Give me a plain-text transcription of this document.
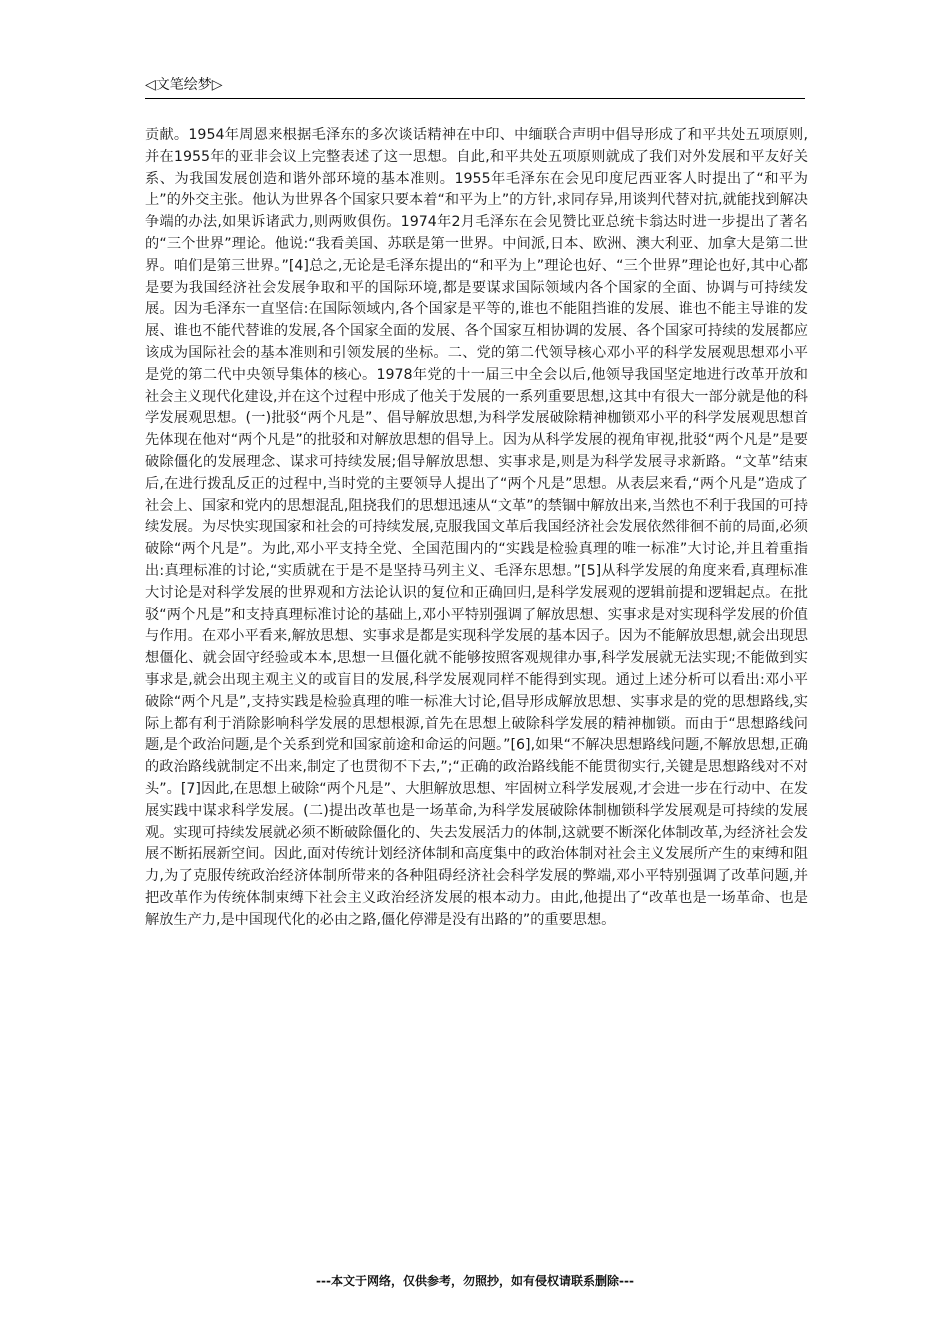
◁文笔绘梦▷

贡献。1954年周恩来根据毛泽东的多次谈话精神在中印、中缅联合声明中倡导形成了和平共处五项原则,并在1955年的亚非会议上完整表述了这一思想。自此,和平共处五项原则就成了我们对外发展和平友好关系、为我国发展创造和谐外部环境的基本准则。1955年毛泽东在会见印度尼西亚客人时提出了“和平为上”的外交主张。他认为世界各个国家只要本着“和平为上”的方针,求同存异,用谈判代替对抗,就能找到解决争端的办法,如果诉诸武力,则两败俱伤。1974年2月毛泽东在会见赞比亚总统卡翁达时进一步提出了著名的“三个世界”理论。他说:“我看美国、苏联是第一世界。中间派,日本、欧洲、澳大利亚、加拿大是第二世界。咱们是第三世界。”[4]总之,无论是毛泽东提出的“和平为上”理论也好、“三个世界”理论也好,其中心都是要为我国经济社会发展争取和平的国际环境,都是要谋求国际领域内各个国家的全面、协调与可持续发展。因为毛泽东一直坚信:在国际领域内,各个国家是平等的,谁也不能阻挡谁的发展、谁也不能主导谁的发展、谁也不能代替谁的发展,各个国家全面的发展、各个国家互相协调的发展、各个国家可持续的发展都应该成为国际社会的基本准则和引领发展的坐标。二、党的第二代领导核心邓小平的科学发展观思想邓小平是党的第二代中央领导集体的核心。1978年党的十一届三中全会以后,他领导我国坚定地进行改革开放和社会主义现代化建设,并在这个过程中形成了他关于发展的一系列重要思想,这其中有很大一部分就是他的科学发展观思想。(一)批驳“两个凡是”、倡导解放思想,为科学发展破除精神枷锁邓小平的科学发展观思想首先体现在他对“两个凡是”的批驳和对解放思想的倡导上。因为从科学发展的视角审视,批驳“两个凡是”是要破除僵化的发展理念、谋求可持续发展;倡导解放思想、实事求是,则是为科学发展寻求新路。“文革”结束后,在进行拨乱反正的过程中,当时党的主要领导人提出了“两个凡是”思想。从表层来看,“两个凡是”造成了社会上、国家和党内的思想混乱,阻挠我们的思想迅速从“文革”的禁锢中解放出来,当然也不利于我国的可持续发展。为尽快实现国家和社会的可持续发展,克服我国文革后我国经济社会发展依然徘徊不前的局面,必须破除“两个凡是”。为此,邓小平支持全党、全国范围内的“实践是检验真理的唯一标准”大讨论,并且着重指出:真理标准的讨论,“实质就在于是不是坚持马列主义、毛泽东思想。”[5]从科学发展的角度来看,真理标准大讨论是对科学发展的世界观和方法论认识的复位和正确回归,是科学发展观的逻辑前提和逻辑起点。在批驳“两个凡是”和支持真理标准讨论的基础上,邓小平特别强调了解放思想、实事求是对实现科学发展的价值与作用。在邓小平看来,解放思想、实事求是都是实现科学发展的基本因子。因为不能解放思想,就会出现思想僵化、就会固守经验或本本,思想一旦僵化就不能够按照客观规律办事,科学发展就无法实现;不能做到实事求是,就会出现主观主义的或盲目的发展,科学发展观同样不能得到实现。通过上述分析可以看出:邓小平破除“两个凡是”,支持实践是检验真理的唯一标准大讨论,倡导形成解放思想、实事求是的党的思想路线,实际上都有利于消除影响科学发展的思想根源,首先在思想上破除科学发展的精神枷锁。而由于“思想路线问题,是个政治问题,是个关系到党和国家前途和命运的问题。”[6],如果“不解决思想路线问题,不解放思想,正确的政治路线就制定不出来,制定了也贯彻不下去,”;“正确的政治路线能不能贯彻实行,关键是思想路线对不对头”。[7]因此,在思想上破除“两个凡是”、大胆解放思想、牢固树立科学发展观,才会进一步在行动中、在发展实践中谋求科学发展。(二)提出改革也是一场革命,为科学发展破除体制枷锁科学发展观是可持续的发展观。实现可持续发展就必须不断破除僵化的、失去发展活力的体制,这就要不断深化体制改革,为经济社会发展不断拓展新空间。因此,面对传统计划经济体制和高度集中的政治体制对社会主义发展所产生的束缚和阻力,为了克服传统政治经济体制所带来的各种阻碍经济社会科学发展的弊端,邓小平特别强调了改革问题,并把改革作为传统体制束缚下社会主义政治经济发展的根本动力。由此,他提出了“改革也是一场革命、也是解放生产力,是中国现代化的必由之路,僵化停滞是没有出路的”的重要思想。

---本文于网络，仅供参考，勿照抄，如有侵权请联系删除---
